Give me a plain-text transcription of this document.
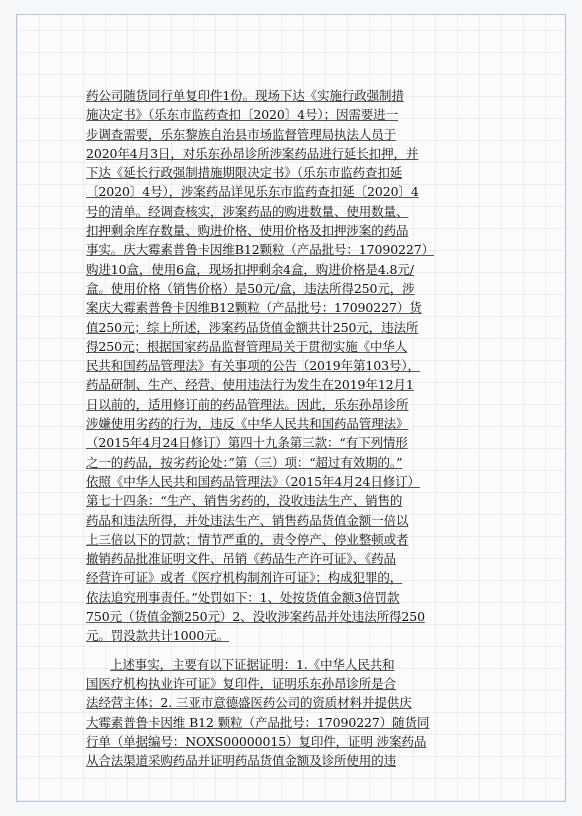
药公司随货同行单复印件1份。现场下达《实施行政强制措
施决定书》（乐东市监药查扣〔2020〕4号）；因需要进一
步调查需要，乐东黎族自治县市场监督管理局执法人员于
2020年4月3日，对乐东孙昂诊所涉案药品进行延长扣押，并
下达《延长行政强制措施期限决定书》（乐东市监药查扣延
〔2020〕4号），涉案药品详见乐东市监药查扣延〔2020〕4
号的清单。经调查核实，涉案药品的购进数量、使用数量、
扣押剩余库存数量、购进价格、使用价格及扣押涉案的药品
事实。庆大霉素普鲁卡因维B12颗粒（产品批号：17090227）
购进10盒，使用6盒，现场扣押剩余4盒，购进价格是4.8元/
盒。使用价格（销售价格）是50元/盒，违法所得250元，涉
案庆大霉素普鲁卡因维B12颗粒（产品批号：17090227）货
值250元；综上所述，涉案药品货值金额共计250元，违法所
得250元；根据国家药品监督管理局关于贯彻实施《中华人
民共和国药品管理法》有关事项的公告（2019年第103号），
药品研制、生产、经营、使用违法行为发生在2019年12月1
日以前的，适用修订前的药品管理法。因此，乐东孙昂诊所
涉嫌使用劣药的行为，违反《中华人民共和国药品管理法》
（2015年4月24日修订）第四十九条第三款：“有下列情形
之一的药品，按劣药论处：”第（三）项：“超过有效期的。”
依照《中华人民共和国药品管理法》（2015年4月24日修订）
第七十四条：“生产、销售劣药的，没收违法生产、销售的
药品和违法所得，并处违法生产、销售药品货值金额一倍以
上三倍以下的罚款；情节严重的，责令停产、停业整顿或者
撤销药品批准证明文件、吊销《药品生产许可证》、《药品
经营许可证》或者《医疗机构制剂许可证》；构成犯罪的，
依法追究刑事责任。”处罚如下：1、处按货值金额3倍罚款
750元（货值金额250元）2、没收涉案药品并处违法所得250
元。罚没款共计1000元。
上述事实，主要有以下证据证明：1.《中华人民共和
国医疗机构执业许可证》复印件，证明乐东孙昂诊所是合
法经营主体；2. 三亚市意德盛医药公司的资质材料并提供庆
大霉素普鲁卡因维 B12 颗粒（产品批号：17090227）随货同
行单（单据编号：NOXS00000015）复印件，证明 涉案药品
从合法渠道采购药品并证明药品货值金额及诊所使用的违
